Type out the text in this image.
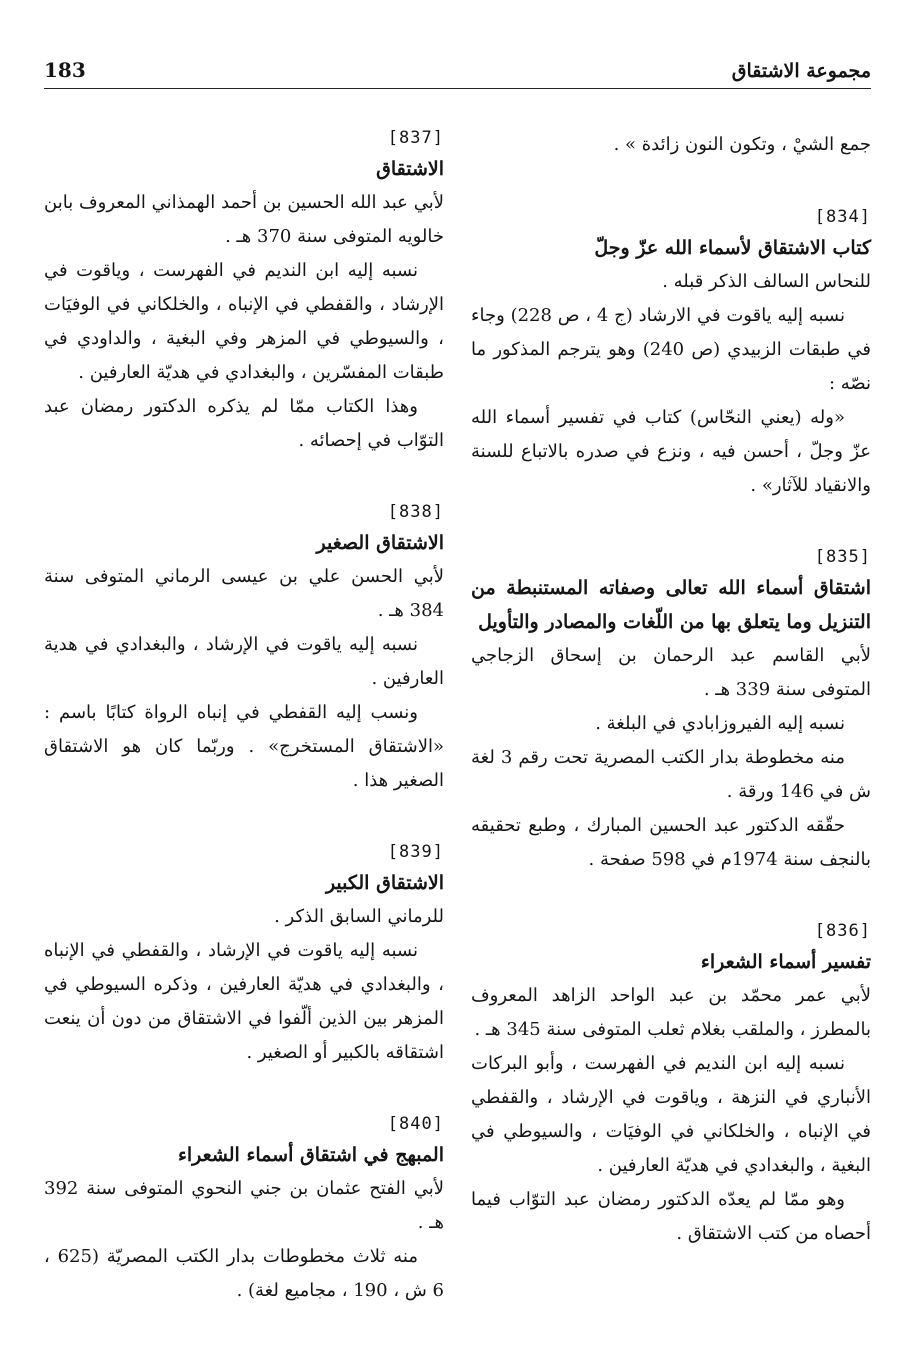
183	مجموعة الاشتقاق
جمع الشيْ ، وتكون النون زائدة » .
[834]
كتاب الاشتقاق لأسماء الله عزّ وجلّ
للنحاس السالف الذكر قبله .
نسبه إليه ياقوت في الارشاد (ج 4 ، ص 228) وجاء في طبقات الزبيدي (ص 240) وهو يترجم المذكور ما نصّه :
«وله (يعني النحّاس) كتاب في تفسير أسماء الله عزّ وجلّ ، أحسن فيه ، ونزع في صدره بالاتباع للسنة والانقياد للآثار» .
[835]
اشتقاق أسماء الله تعالى وصفاته المستنبطة من التنزيل وما يتعلق بها من اللّغات والمصادر والتأويل
لأبي القاسم عبد الرحمان بن إسحاق الزجاجي المتوفى سنة 339 هـ .
نسبه إليه الفيروزابادي في البلغة .
منه مخطوطة بدار الكتب المصرية تحت رقم 3 لغة ش في 146 ورقة .
حقّقه الدكتور عبد الحسين المبارك ، وطبع تحقيقه بالنجف سنة 1974م في 598 صفحة .
[836]
تفسير أسماء الشعراء
لأبي عمر محمّد بن عبد الواحد الزاهد المعروف بالمطرز ، والملقب بغلام ثعلب المتوفى سنة 345 هـ .
نسبه إليه ابن النديم في الفهرست ، وأبو البركات الأنباري في النزهة ، وياقوت في الإرشاد ، والقفطي في الإنباه ، والخلكاني في الوفيَات ، والسيوطي في البغية ، والبغدادي في هديّة العارفين .
وهو ممّا لم يعدّه الدكتور رمضان عبد التوّاب فيما أحصاه من كتب الاشتقاق .
[837]
الاشتقاق
لأبي عبد الله الحسين بن أحمد الهمذاني المعروف بابن خالويه المتوفى سنة 370 هـ .
نسبه إليه ابن النديم في الفهرست ، وياقوت في الإرشاد ، والقفطي في الإنباه ، والخلكاني في الوفيَات ، والسيوطي في المزهر وفي البغية ، والداودي في طبقات المفسّرين ، والبغدادي في هديّة العارفين .
وهذا الكتاب ممّا لم يذكره الدكتور رمضان عبد التوّاب في إحصائه .
[838]
الاشتقاق الصغير
لأبي الحسن علي بن عيسى الرماني المتوفى سنة 384 هـ .
نسبه إليه ياقوت في الإرشاد ، والبغدادي في هدية العارفين .
ونسب إليه القفطي في إنباه الرواة كتابًا باسم : «الاشتقاق المستخرج» . وربّما كان هو الاشتقاق الصغير هذا .
[839]
الاشتقاق الكبير
للرماني السابق الذكر .
نسبه إليه ياقوت في الإرشاد ، والقفطي في الإنباه ، والبغدادي في هديّة العارفين ، وذكره السيوطي في المزهر بين الذين ألّفوا في الاشتقاق من دون أن ينعت اشتقاقه بالكبير أو الصغير .
[840]
المبهج في اشتقاق أسماء الشعراء
لأبي الفتح عثمان بن جني النحوي المتوفى سنة 392 هـ .
منه ثلاث مخطوطات بدار الكتب المصريّة (625 ، 6 ش ، 190 ، مجاميع لغة) .
